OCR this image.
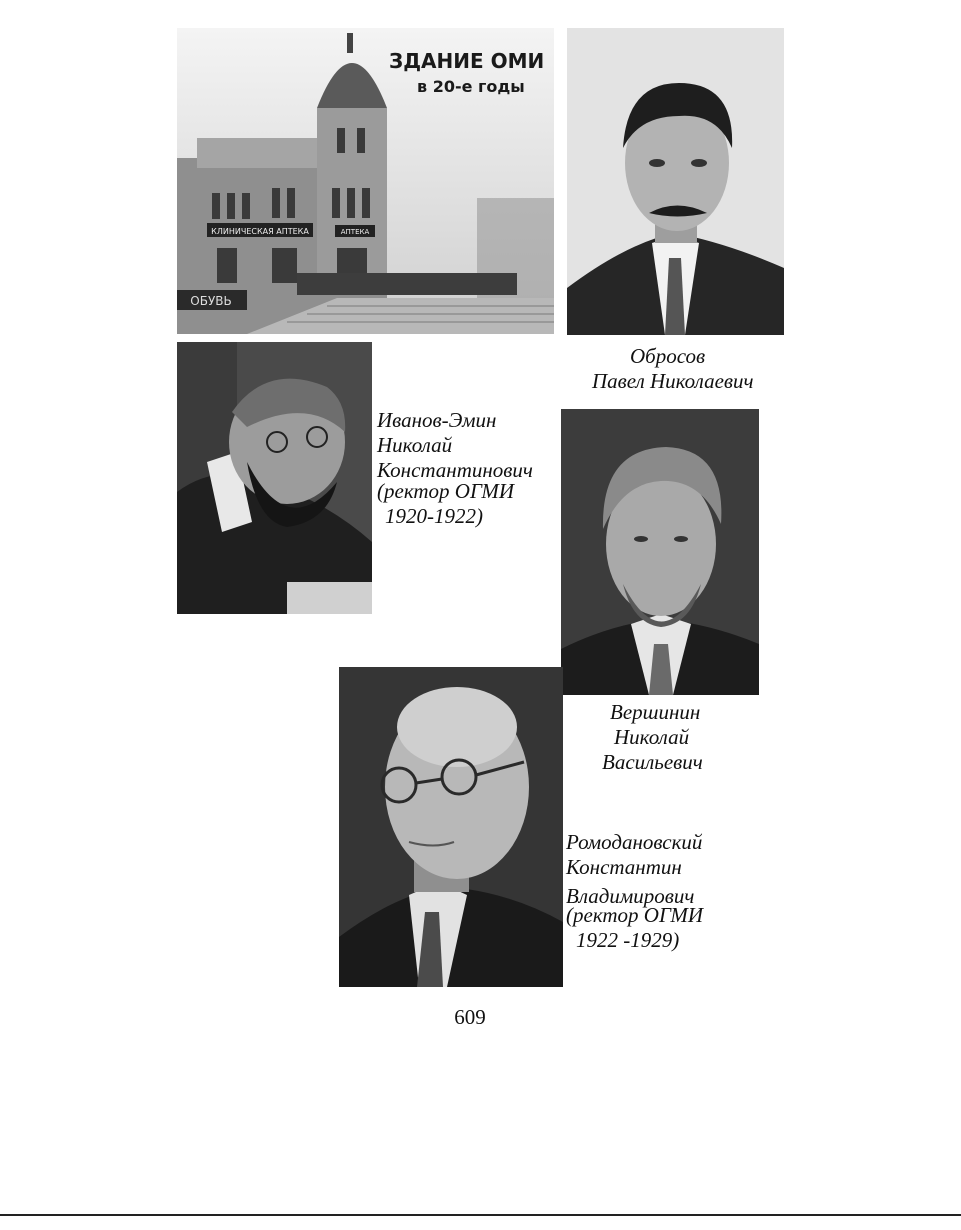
КЛИНИЧЕСКАЯ АПТЕКА	АПТЕКА
ОБУВЬ
ЗДАНИЕ ОМИ
в 20-е годы
Обросов
Павел Николаевич
Иванов-Эмин
Николай
Константинович
(ректор ОГМИ
1920-1922)
Вершинин
Николай
Васильевич
Ромодановский
Константин
Владимирович
(ректор ОГМИ
1922 -1929)
609
